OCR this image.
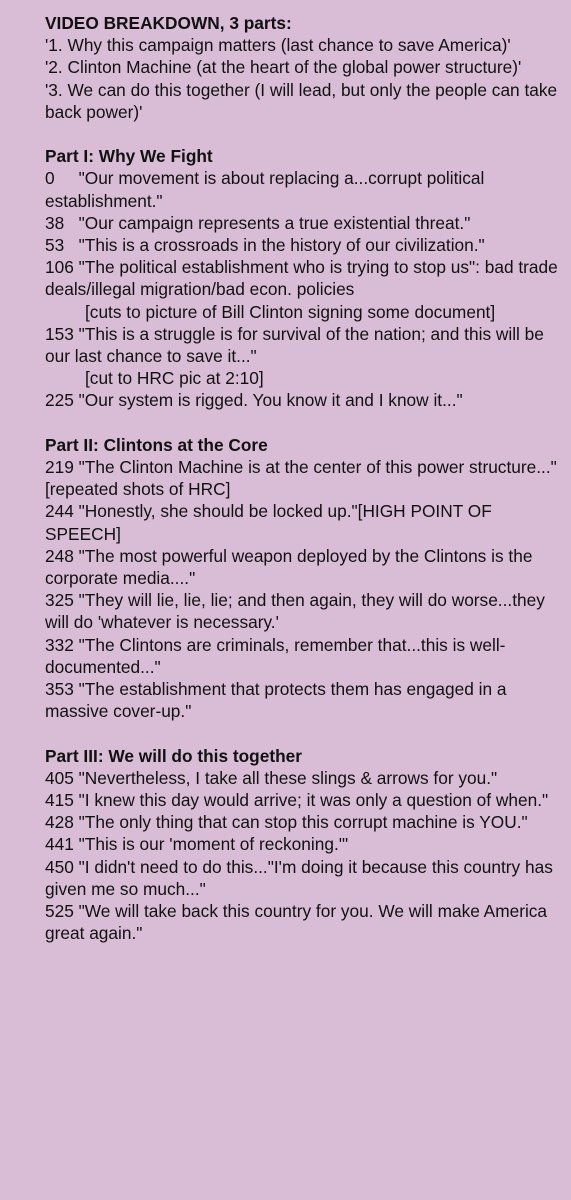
VIDEO BREAKDOWN, 3 parts:
'1. Why this campaign matters (last chance to save America)'
'2. Clinton Machine (at the heart of the global power structure)'
'3. We can do this together (I will lead, but only the people can take back power)'
Part I: Why We Fight
0     "Our movement is about replacing a...corrupt political establishment."
38   "Our campaign represents a true existential threat."
53   "This is a crossroads in the history of our civilization."
106 "The political establishment who is trying to stop us": bad trade deals/illegal migration/bad econ. policies
[cuts to picture of Bill Clinton signing some document]
153 "This is a struggle is for survival of the nation; and this will be our last chance to save it..."
[cut to HRC pic at 2:10]
225 "Our system is rigged. You know it and I know it..."
Part II: Clintons at the Core
219 "The Clinton Machine is at the center of this power structure..." [repeated shots of HRC]
244 "Honestly, she should be locked up."[HIGH POINT OF SPEECH]
248 "The most powerful weapon deployed by the Clintons is the corporate media...."
325 "They will lie, lie, lie; and then again, they will do worse...they will do 'whatever is necessary.'
332 "The Clintons are criminals, remember that...this is well-documented..."
353 "The establishment that protects them has engaged in a massive cover-up."
Part III: We will do this together
405 "Nevertheless, I take all these slings & arrows for you."
415 "I knew this day would arrive; it was only a question of when."
428 "The only thing that can stop this corrupt machine is YOU."
441 "This is our 'moment of reckoning.'"
450 "I didn't need to do this..."I'm doing it because this country has given me so much..."
525 "We will take back this country for you. We will make America great again."
